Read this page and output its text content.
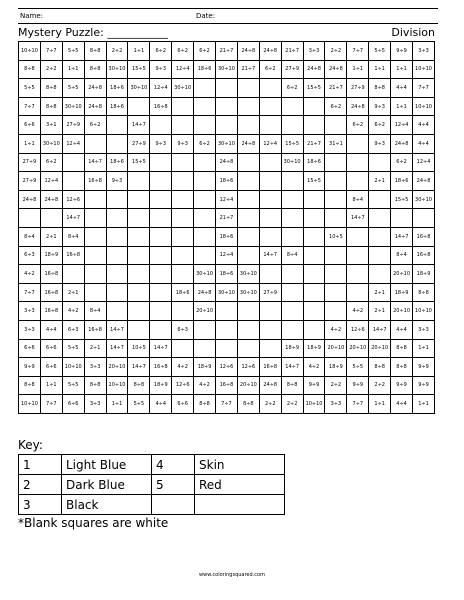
Name:	Date:
Mystery Puzzle: ___________	Division
10÷10	7÷7	5÷5	8÷8	2÷2	1÷1	6÷2	6÷2	6÷2	21÷7	24÷8	24÷8	21÷7	3÷3	2÷2	7÷7	5÷5	9÷9	3÷3
8÷8	2÷2	1÷1	8÷8	30÷10	15÷5	9÷3	12÷4	18÷6	30÷10	21÷7	6÷2	27÷9	24÷8	24÷8	1÷1	1÷1	1÷1	10÷10
5÷5	8÷8	5÷5	24÷8	18÷6	30÷10	12÷4	30÷10					6÷2	15÷5	21÷7	27÷9	8÷8	4÷4	7÷7
7÷7	8÷8	30÷10	24÷8	18÷6		16÷8								6÷2	24÷8	9÷3	1÷1	10÷10
6÷6	3÷1	27÷9	6÷2		14÷7										6÷2	6÷2	12÷4	4÷4
1÷1	30÷10	12÷4			27÷9	9÷3	9÷3	6÷2	30÷10	24÷8	12÷4	15÷5	21÷7	31÷1		9÷3	24÷8	4÷4
27÷9	6÷2		14÷7	18÷6	15÷5				24÷8			30÷10	18÷6				6÷2	12÷4
27÷9	12÷4		16÷8	9÷3					18÷6				15÷5			2÷1	18÷6	24÷8
24÷8	24÷8	12÷6							12÷4						8÷4		15÷5	30÷10
		14÷7							21÷7						14÷7			
8÷4	2÷1	8÷4							18÷6					10÷5			14÷7	16÷8
6÷3	18÷9	16÷8							12÷4		14÷7	8÷4					8÷4	16÷8
4÷2	16÷8							30÷10	18÷6	30÷10							20÷10	18÷9
7÷7	16÷8	2÷1					18÷6	24÷8	30÷10	30÷10	27÷9					2÷1	18÷9	8÷8
3÷3	16÷8	4÷2	8÷4					20÷10							4÷2	2÷1	20÷10	10÷10
3÷3	4÷4	6÷3	16÷8	14÷7			6÷3							4÷2	12÷6	14÷7	4÷4	3÷3
6÷6	6÷6	5÷5	2÷1	14÷7	10÷5	14÷7						18÷9	18÷9	20÷10	20÷10	20÷10	8÷8	1÷1
9÷9	6÷6	10÷10	3÷3	20÷10	14÷7	16÷8	4÷2	18÷9	12÷6	12÷6	16÷8	14÷7	4÷2	18÷9	5÷5	8÷8	8÷8	9÷9
8÷8	1÷1	5÷5	8÷8	10÷10	8÷8	18÷9	12÷6	4÷2	16÷8	20÷10	24÷8	8÷8	9÷9	2÷2	9÷9	2÷2	9÷9	9÷9
10÷10	7÷7	6÷6	3÷3	1÷1	5÷5	4÷4	6÷6	8÷8	7÷7	8÷8	2÷2	2÷2	10÷10	3÷3	7÷7	1÷1	4÷4	1÷1
Key:
1	Light Blue	4	Skin
2	Dark Blue	5	Red
3	Black		
*Blank squares are white
www.coloringsquared.com
